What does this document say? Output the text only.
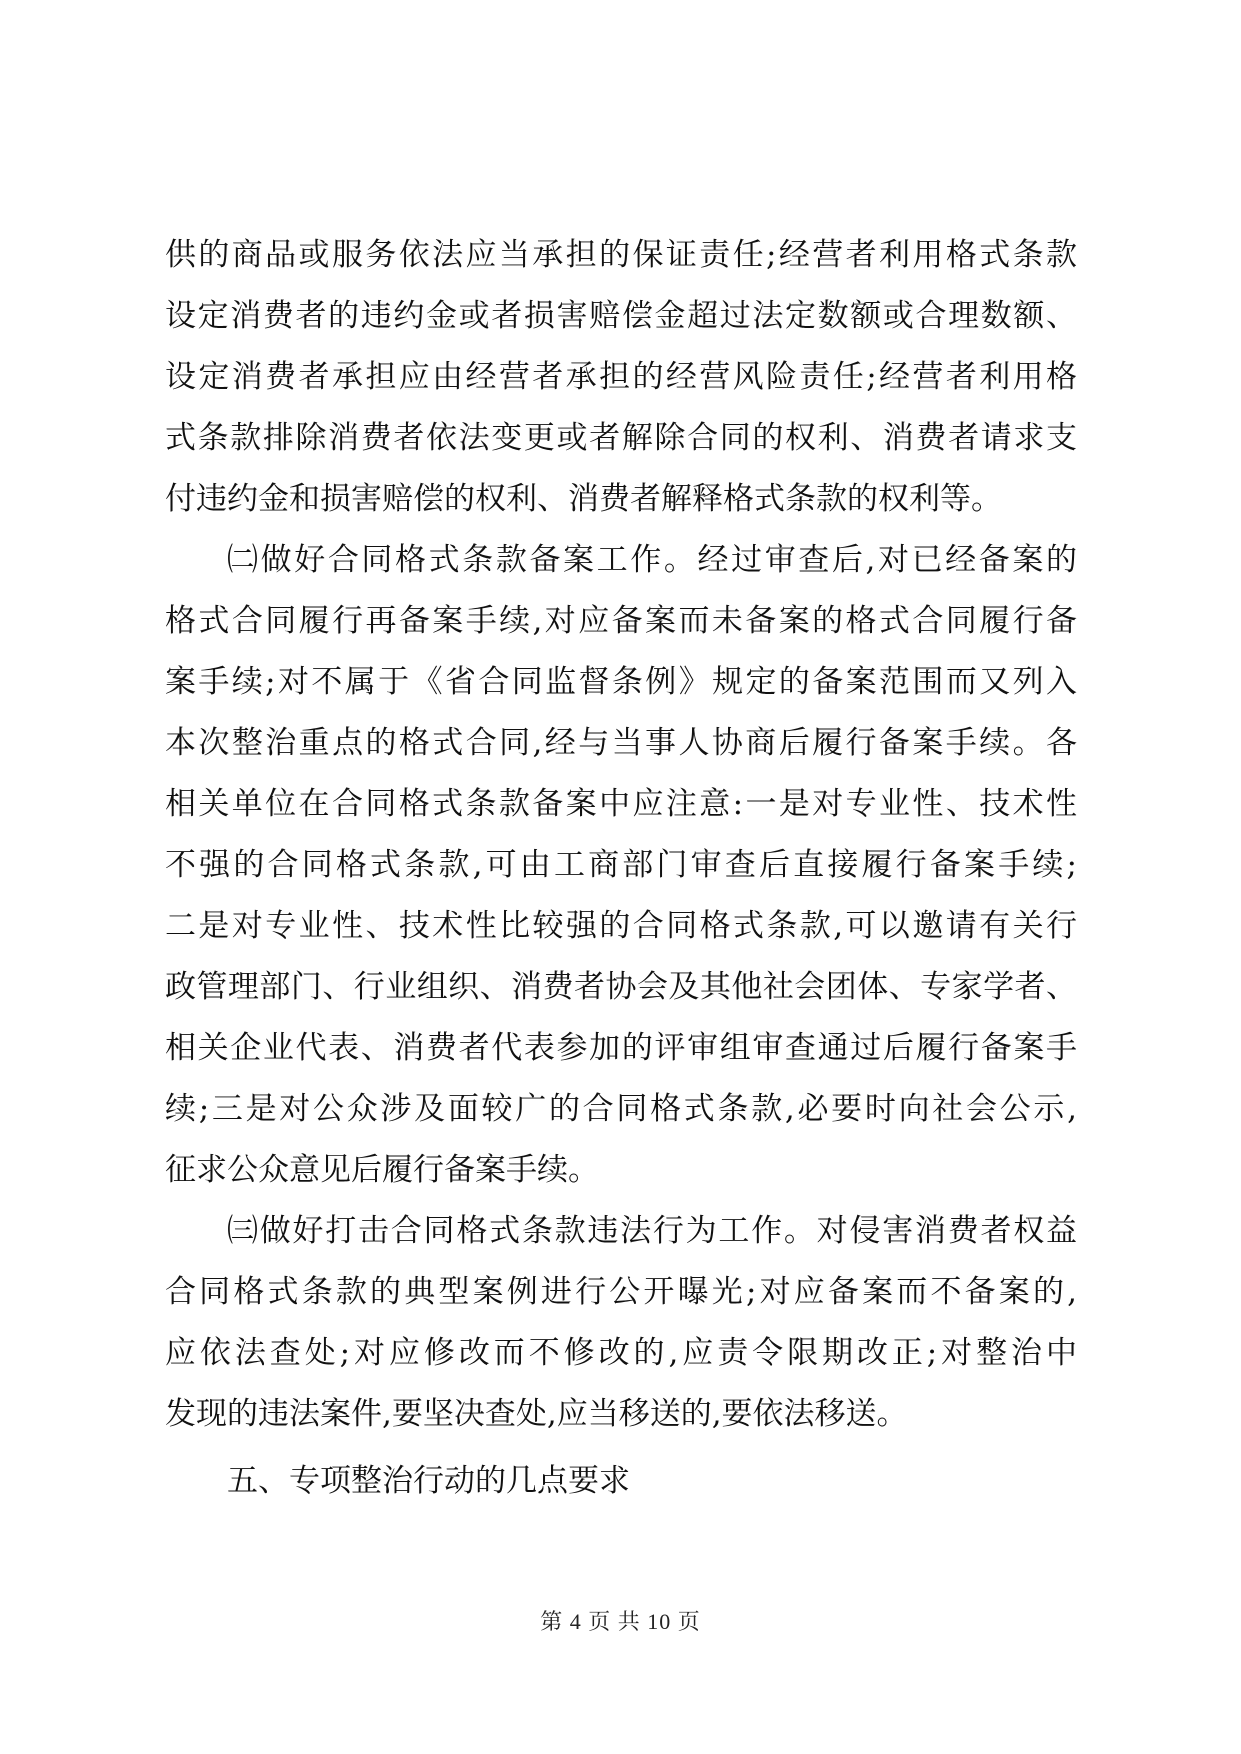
供的商品或服务依法应当承担的保证责任;经营者利用格式条款
设定消费者的违约金或者损害赔偿金超过法定数额或合理数额、
设定消费者承担应由经营者承担的经营风险责任;经营者利用格
式条款排除消费者依法变更或者解除合同的权利、消费者请求支
付违约金和损害赔偿的权利、消费者解释格式条款的权利等。
㈡做好合同格式条款备案工作。经过审查后,对已经备案的
格式合同履行再备案手续,对应备案而未备案的格式合同履行备
案手续;对不属于《省合同监督条例》规定的备案范围而又列入
本次整治重点的格式合同,经与当事人协商后履行备案手续。各
相关单位在合同格式条款备案中应注意:一是对专业性、技术性
不强的合同格式条款,可由工商部门审查后直接履行备案手续;
二是对专业性、技术性比较强的合同格式条款,可以邀请有关行
政管理部门、行业组织、消费者协会及其他社会团体、专家学者、
相关企业代表、消费者代表参加的评审组审查通过后履行备案手
续;三是对公众涉及面较广的合同格式条款,必要时向社会公示,
征求公众意见后履行备案手续。
㈢做好打击合同格式条款违法行为工作。对侵害消费者权益
合同格式条款的典型案例进行公开曝光;对应备案而不备案的,
应依法查处;对应修改而不修改的,应责令限期改正;对整治中
发现的违法案件,要坚决查处,应当移送的,要依法移送。
五、专项整治行动的几点要求
第 4 页 共 10 页
